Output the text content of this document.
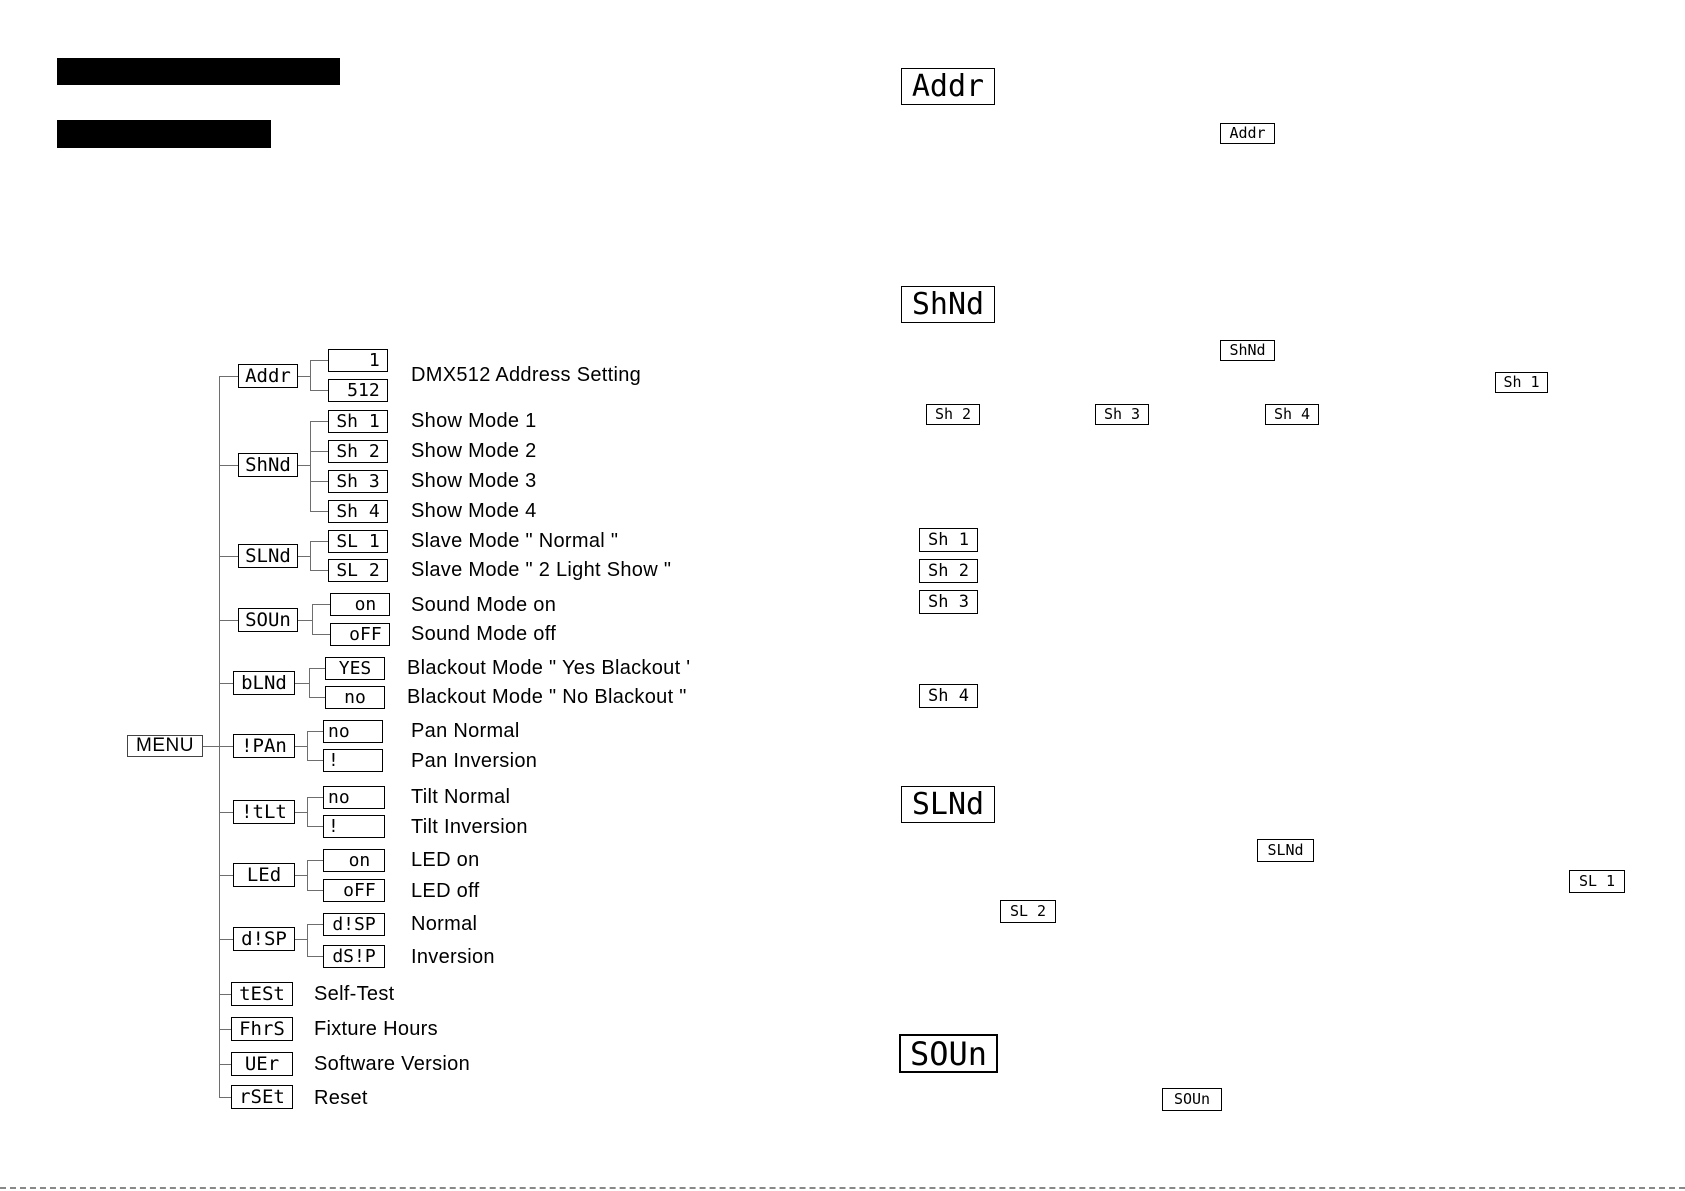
MENU
Addr
1
512
DMX512 Address Setting
ShNd
Sh 1
Sh 2
Sh 3
Sh 4
Show Mode 1
Show Mode 2
Show Mode 3
Show Mode 4
SLNd
SL 1
SL 2
Slave Mode " Normal "
Slave Mode " 2 Light Show "
SOUn
on
oFF
Sound Mode on
Sound Mode off
bLNd
YES
no
Blackout Mode " Yes Blackout '
Blackout Mode " No Blackout "
!PAn
no
!
Pan Normal
Pan Inversion
!tLt
no
!
Tilt Normal
Tilt Inversion
LEd
on
oFF
LED on
LED off
d!SP
d!SP
dS!P
Normal
Inversion
tESt Self-Test
FhrS Fixture Hours
UEr Software Version
rSEt Reset
Addr
Addr
ShNd
ShNd
Sh 1
Sh 2	Sh 3	Sh 4
Sh 1
Sh 2
Sh 3
Sh 4
SLNd
SLNd
SL 1
SL 2
SOUn
SOUn
